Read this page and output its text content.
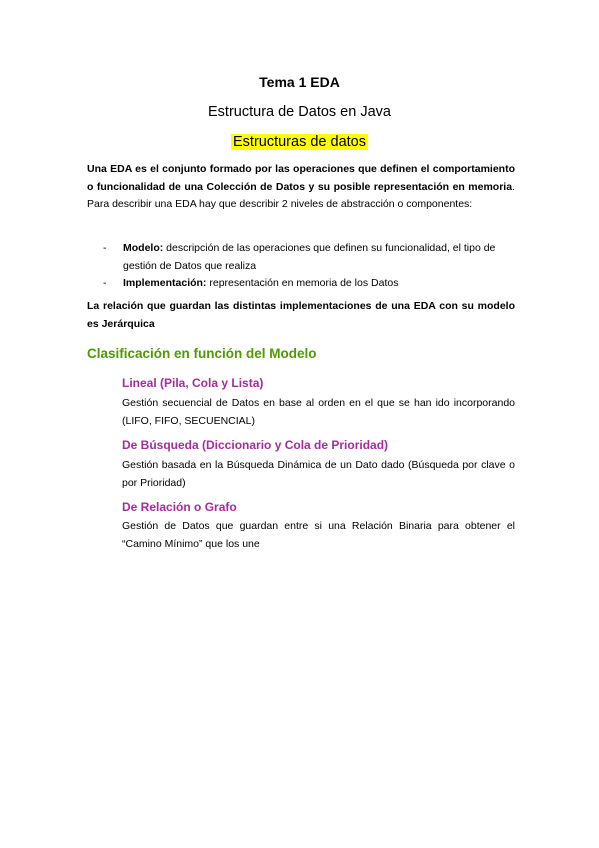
Tema 1 EDA
Estructura de Datos en Java
Estructuras de datos
Una EDA es el conjunto formado por las operaciones que definen el comportamiento o funcionalidad de una Colección de Datos y su posible representación en memoria. Para describir una EDA hay que describir 2 niveles de abstracción o componentes:
- Modelo: descripción de las operaciones que definen su funcionalidad, el tipo de gestión de Datos que realiza
- Implementación: representación en memoria de los Datos
La relación que guardan las distintas implementaciones de una EDA con su modelo es Jerárquica
Clasificación en función del Modelo
Lineal (Pila, Cola y Lista)
Gestión secuencial de Datos en base al orden en el que se han ido incorporando (LIFO, FIFO, SECUENCIAL)
De Búsqueda (Diccionario y Cola de Prioridad)
Gestión basada en la Búsqueda Dinámica de un Dato dado (Búsqueda por clave o por Prioridad)
De Relación o Grafo
Gestión de Datos que guardan entre si una Relación Binaria para obtener el “Camino Mínimo” que los une
